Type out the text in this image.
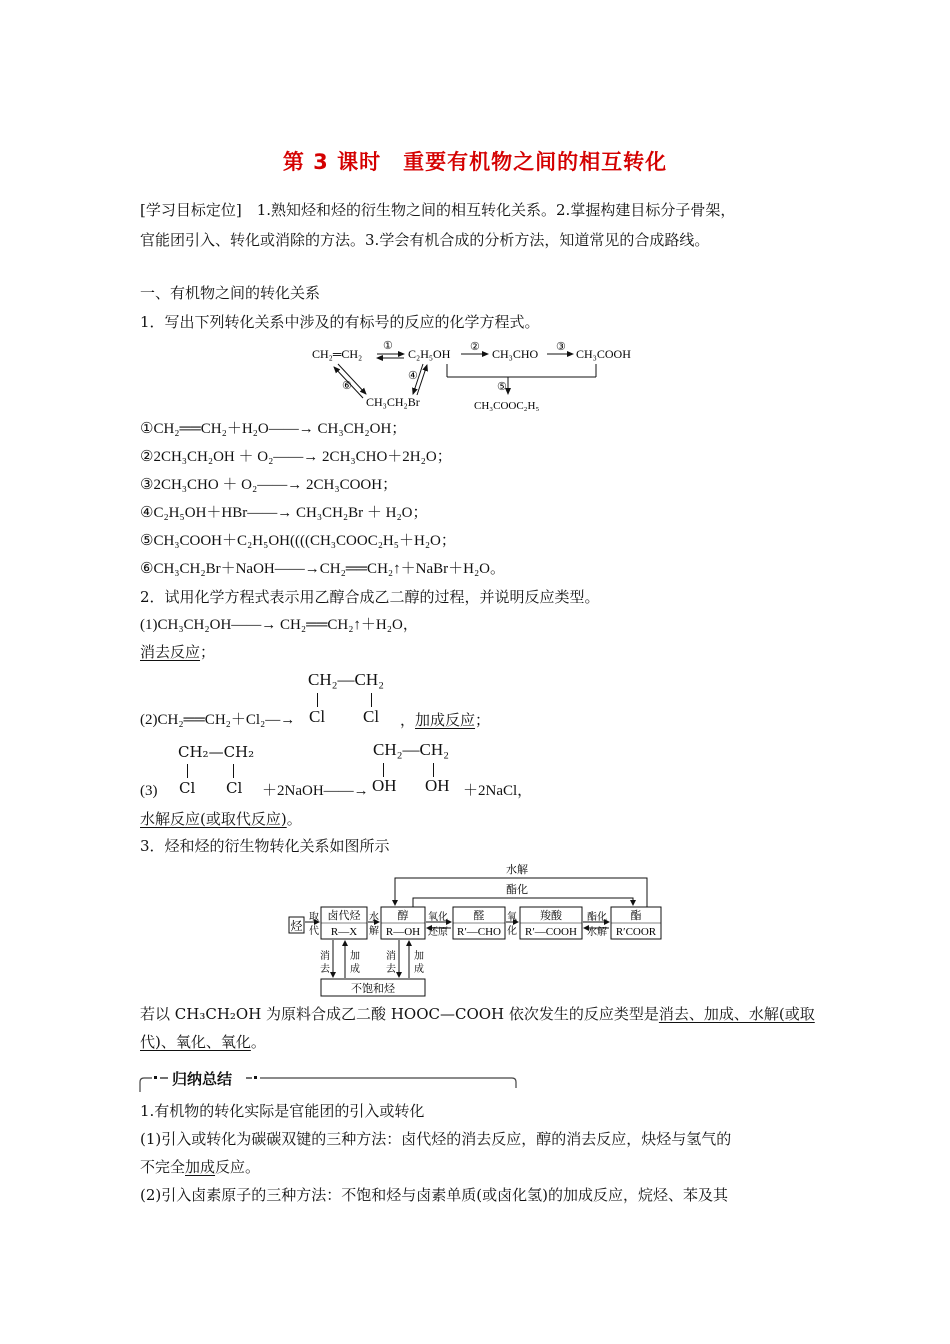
第 3 课时　重要有机物之间的相互转化
[学习目标定位]　1.熟知烃和烃的衍生物之间的相互转化关系。2.掌握构建目标分子骨架，
官能团引入、转化或消除的方法。3.学会有机合成的分析方法，知道常见的合成路线。
一、有机物之间的转化关系
1．写出下列转化关系中涉及的有标号的反应的化学方程式。
CH₂═CH₂
①
C₂H₅OH ② CH₃CHO ③ CH₃COOH
⑤
CH₃COOC₂H₅
⑥
④
CH₃CH₂Br
①CH₂══CH₂＋H₂O——→ CH₃CH₂OH；
②2CH₃CH₂OH ＋ O₂——→ 2CH₃CHO＋2H₂O；
③2CH₃CHO ＋ O₂——→ 2CH₃COOH；
④C₂H₅OH＋HBr——→ CH₃CH₂Br ＋ H₂O；
⑤CH₃COOH＋C₂H₅OH((((CH₃COOC₂H₅＋H₂O；
⑥CH₃CH₂Br＋NaOH——→CH₂══CH₂↑＋NaBr＋H₂O。
2．试用化学方程式表示用乙醇合成乙二醇的过程，并说明反应类型。
(1)CH₃CH₂OH——→ CH₂══CH₂↑＋H₂O，
消去反应；
CH₂—CH₂
(2)CH₂══CH₂＋Cl₂—→ Cl Cl ，加成反应；
CH₂—CH₂
Cl Cl
(3)	＋2NaOH——→
CH₂—CH₂
OH OH ＋2NaCl，
水解反应(或取代反应)。
3．烃和烃的衍生物转化关系如图所示
水解
酯化
烃
取
代
卤代烃
R—X
水
解
醇
R—OH
氧化
还原
醛
R′—CHO
氧
化
羧酸
R′—COOH
酯化
水解
酯
R′COOR
不饱和烃
消
去
加
成
消
去
加
成
若以 CH₃CH₂OH 为原料合成乙二酸 HOOC—COOH 依次发生的反应类型是消去、加成、水解(或取
代)、氧化、氧化。
归纳总结
1.有机物的转化实际是官能团的引入或转化
(1)引入或转化为碳碳双键的三种方法：卤代烃的消去反应，醇的消去反应，炔烃与氢气的
不完全加成反应。
(2)引入卤素原子的三种方法：不饱和烃与卤素单质(或卤化氢)的加成反应，烷烃、苯及其
